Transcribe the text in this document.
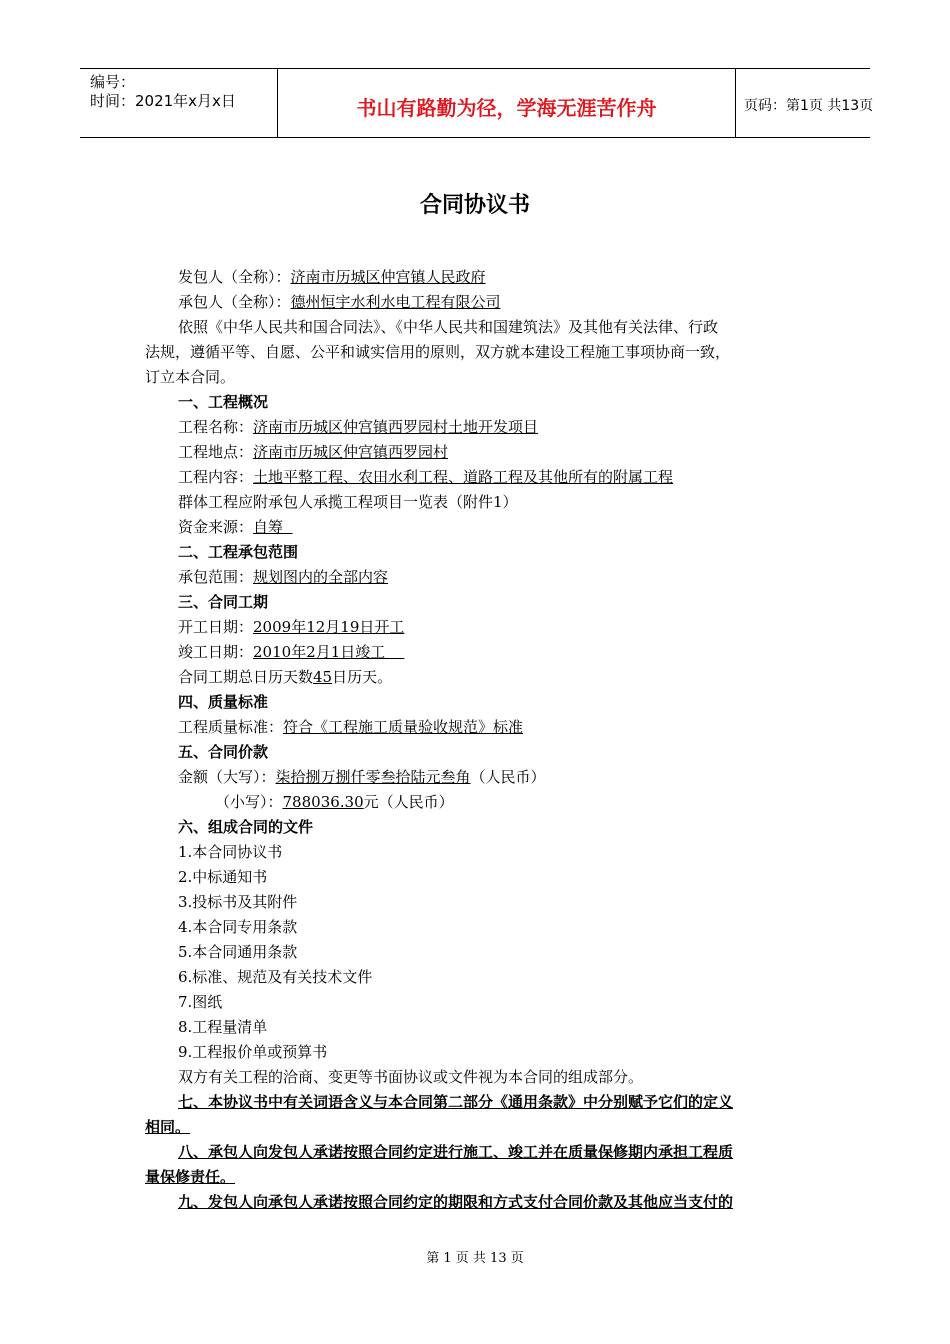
编号：
时间：2021年x月x日	书山有路勤为径，学海无涯苦作舟	页码：第1页 共13页
合同协议书
发包人（全称）：济南市历城区仲宫镇人民政府
承包人（全称）：德州恒宇水利水电工程有限公司
依照《中华人民共和国合同法》、《中华人民共和国建筑法》及其他有关法律、行政
法规，遵循平等、自愿、公平和诚实信用的原则，双方就本建设工程施工事项协商一致，
订立本合同。
一、工程概况
工程名称：济南市历城区仲宫镇西罗园村土地开发项目
工程地点：济南市历城区仲宫镇西罗园村
工程内容：土地平整工程、农田水利工程、道路工程及其他所有的附属工程
群体工程应附承包人承揽工程项目一览表（附件1）
资金来源：自筹
二、工程承包范围
承包范围：规划图内的全部内容
三、合同工期
开工日期：2009年12月19日开工
竣工日期：2010年2月1日竣工
合同工期总日历天数45日历天。
四、质量标准
工程质量标准：符合《工程施工质量验收规范》标准
五、合同价款
金额（大写）：柒拾捌万捌仟零叁拾陆元叁角（人民币）
（小写）：788036.30元（人民币）
六、组成合同的文件
1.本合同协议书
2.中标通知书
3.投标书及其附件
4.本合同专用条款
5.本合同通用条款
6.标准、规范及有关技术文件
7.图纸
8.工程量清单
9.工程报价单或预算书
双方有关工程的洽商、变更等书面协议或文件视为本合同的组成部分。
七、本协议书中有关词语含义与本合同第二部分《通用条款》中分别赋予它们的定义
相同。
八、承包人向发包人承诺按照合同约定进行施工、竣工并在质量保修期内承担工程质
量保修责任。
九、发包人向承包人承诺按照合同约定的期限和方式支付合同价款及其他应当支付的
第 1 页 共 13 页
